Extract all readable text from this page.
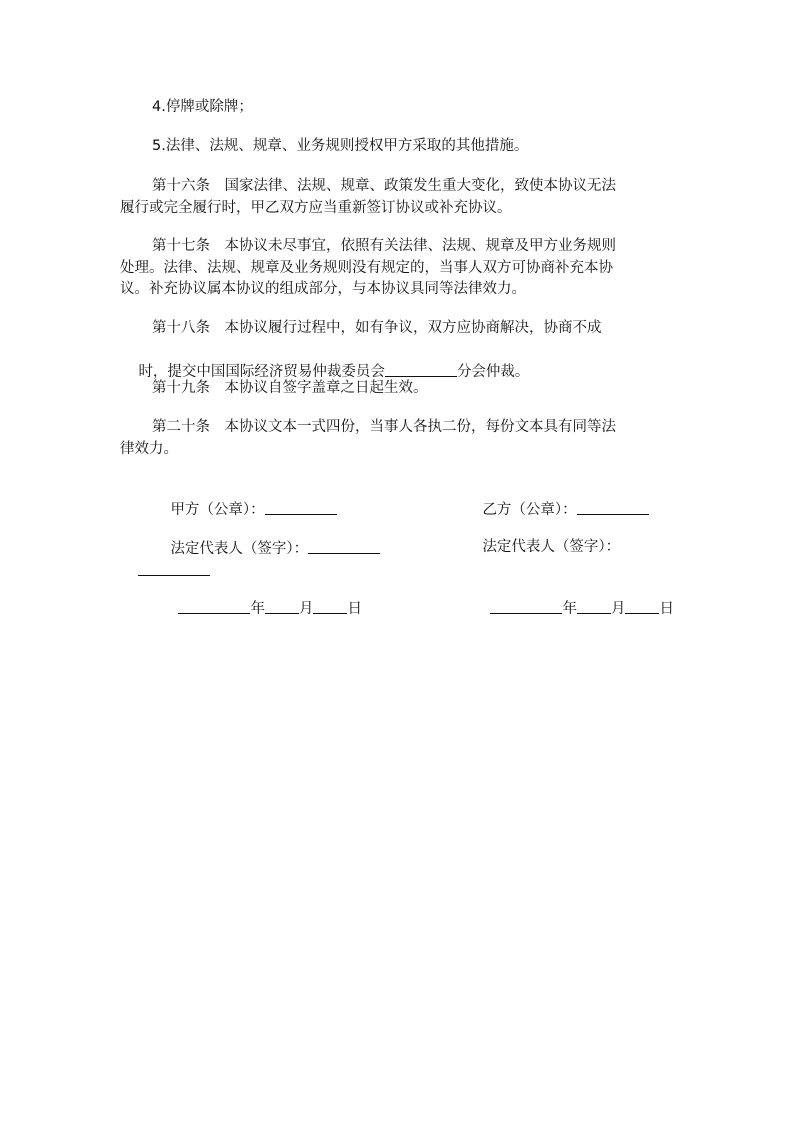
4.停牌或除牌；
5.法律、法规、规章、业务规则授权甲方采取的其他措施。
第十六条　国家法律、法规、规章、政策发生重大变化，致使本协议无法
履行或完全履行时，甲乙双方应当重新签订协议或补充协议。
第十七条　本协议未尽事宜，依照有关法律、法规、规章及甲方业务规则
处理。法律、法规、规章及业务规则没有规定的，当事人双方可协商补充本协
议。补充协议属本协议的组成部分，与本协议具同等法律效力。
第十八条　本协议履行过程中，如有争议，双方应协商解决，协商不成

时，提交中国国际经济贸易仲裁委员会	分会仲裁。

第十九条　本协议自签字盖章之日起生效。
第二十条　本协议文本一式四份，当事人各执二份，每份文本具有同等法
律效力。

甲方（公章）：
	乙方（公章）：

法定代表人（签字）：
	法定代表人（签字）：

年 月 日
	年 月 日
